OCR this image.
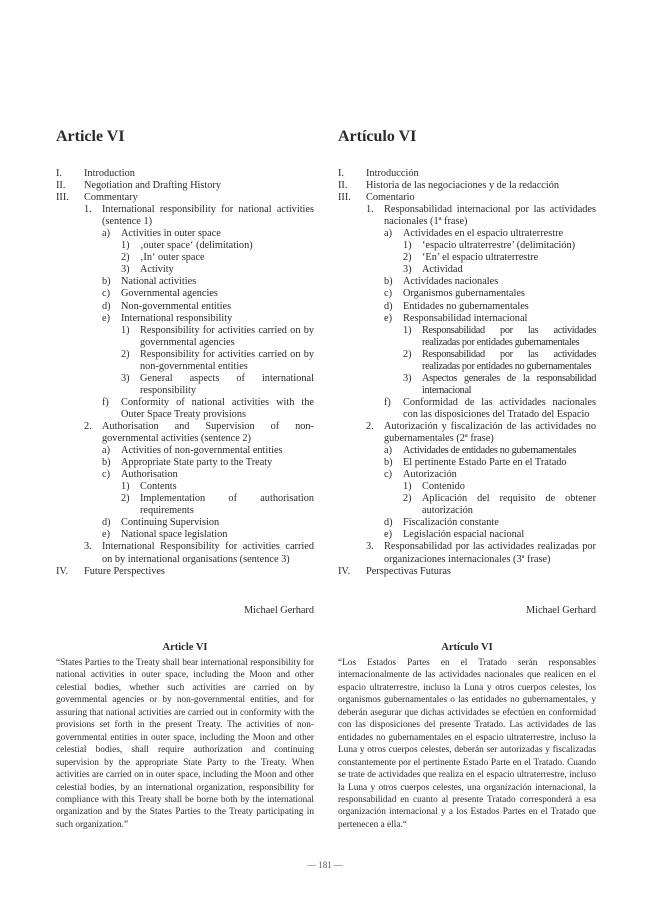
Article VI
I.	Introduction
II.	Negotiation and Drafting History
III.	Commentary
1. International responsibility for national activities (sentence 1)
a)	Activities in outer space
1)	‚outer space‘ (delimitation)
2)	‚In‘ outer space
3)	Activity
b)	National activities
c)	Governmental agencies
d)	Non-governmental entities
e)	International responsibility
1)	Responsibility for activities carried on by governmental agencies
2)	Responsibility for activities carried on by non-governmental entities
3)	General aspects of international responsibility
f)	Conformity of national activities with the Outer Space Treaty provisions
2. Authorisation and Supervision of non-governmental activities (sentence 2)
a)	Activities of non-governmental entities
b)	Appropriate State party to the Treaty
c)	Authorisation
1)	Contents
2)	Implementation of authorisation requirements
d)	Continuing Supervision
e)	National space legislation
3. International Responsibility for activities carried on by international organisations (sentence 3)
IV.	Future Perspectives
Michael Gerhard
Article VI

“States Parties to the Treaty shall bear international responsibility for national activities in outer space, including the Moon and other celestial bodies, whether such activities are carried on by governmental agencies or by non-governmental entities, and for assuring that national activities are carried out in conformity with the provisions set forth in the present Treaty. The activities of non-governmental entities in outer space, including the Moon and other celestial bodies, shall require authorization and continuing supervision by the appropriate State Party to the Treaty. When activities are carried on in outer space, including the Moon and other celestial bodies, by an international organization, responsibility for compliance with this Treaty shall be borne both by the international organization and by the States Parties to the Treaty participating in such organization.”

Artículo VI
I.	Introducción
II.	Historia de las negociaciones y de la redacción
III.	Comentario
1. Responsabilidad internacional por las actividades nacionales (1ª frase)
a)	Actividades en el espacio ultraterrestre
1)	‘espacio ultraterrestre’ (delimitación)
2)	‘En’ el espacio ultraterrestre
3)	Actividad
b)	Actividades nacionales
c)	Organismos gubernamentales
d)	Entidades no gubernamentales
e)	Responsabilidad internacional
1)	Responsabilidad por las actividades realizadas por entidades gubernamentales
2)	Responsabilidad por las actividades realizadas por entidades no gubernamentales
3)	Aspectos generales de la responsabilidad internacional
f)	Conformidad de las actividades nacionales con las disposiciones del Tratado del Espacio
2. Autorización y fiscalización de las actividades no gubernamentales (2ª frase)
a)	Actividades de entidades no gubernamentales
b)	El pertinente Estado Parte en el Tratado
c)	Autorización
1)	Contenido
2)	Aplicación del requisito de obtener autorización
d)	Fiscalización constante
e)	Legislación espacial nacional
3. Responsabilidad por las actividades realizadas por organizaciones internacionales (3ª frase)
IV.	Perspectivas Futuras
Michael Gerhard
Artículo VI

“Los Estados Partes en el Tratado serán responsables internacionalmente de las actividades nacionales que realicen en el espacio ultraterrestre, incluso la Luna y otros cuerpos celestes, los organismos gubernamentales o las entidades no gubernamentales, y deberán asegurar que dichas actividades se efectúen en conformidad con las disposiciones del presente Tratado. Las actividades de las entidades no gubernamentales en el espacio ultraterrestre, incluso la Luna y otros cuerpos celestes, deberán ser autorizadas y fiscalizadas constantemente por el pertinente Estado Parte en el Tratado. Cuando se trate de actividades que realiza en el espacio ultraterrestre, incluso la Luna y otros cuerpos celestes, una organización internacional, la responsabilidad en cuanto al presente Tratado corresponderá a esa organización internacional y a los Estados Partes en el Tratado que pertenecen a ella.“

— 181 —
